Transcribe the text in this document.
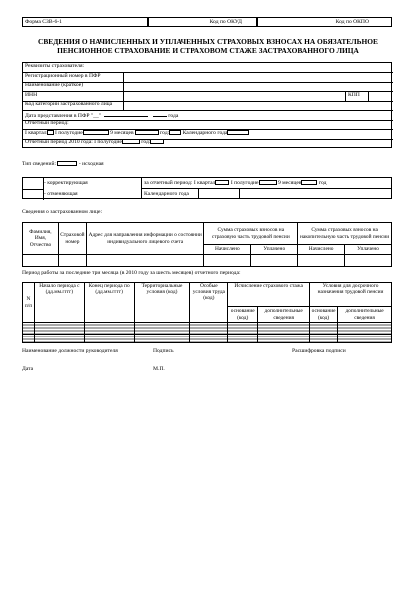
Форма СЗВ-6-1	Код по ОКУД	Код по ОКПО
СВЕДЕНИЯ О НАЧИСЛЕННЫХ И УПЛАЧЕННЫХ СТРАХОВЫХ ВЗНОСАХ НА ОБЯЗАТЕЛЬНОЕ
ПЕНСИОННОЕ СТРАХОВАНИЕ И СТРАХОВОМ СТАЖЕ ЗАСТРАХОВАННОГО ЛИЦА
Реквизиты страхователя:
Регистрационный номер в ПФР
Наименование (краткое)
ИНН	КПП
Код категории застрахованного лица
Дата представления в ПФР "__"	года
Отчетный период:
I квартал I полугодие	9 месяцев	год: Календарного года
Отчетный период 2010 года: I полугодие	год:
Тип сведений:	- исходная
- корректирующая
- отменяющая
за отчетный период: I квартал	I полугодие	9 месяцев	год
Календарного года
Сведения о застрахованном лице:
Фамилия, Имя, Отчество	Страховой номер	Адрес для направления информации о состоянии индивидуального лицевого счета	Сумма страховых взносов на страховую часть трудовой пенсии		Сумма страховых взносов на накопительную часть трудовой пенсии	
			Начислено	Уплачено	Начислено	Уплачено

Период работы за последние три месяца (в 2010 году за шесть месяцев) отчетного периода:
N п/п	Начало периода с (дд.мм.гггг)	Конец периода по (дд.мм.гггг)	Территориальные условия (код)	Особые условия труда (код)	Исчисление страхового стажа		Условия для досрочного назначения трудовой пенсии	
					основание (код)	дополнительные сведения	основание (код)	дополнительные сведения

Наименование должности руководителя	Подпись	Расшифровка подписи
Дата	М.П.
